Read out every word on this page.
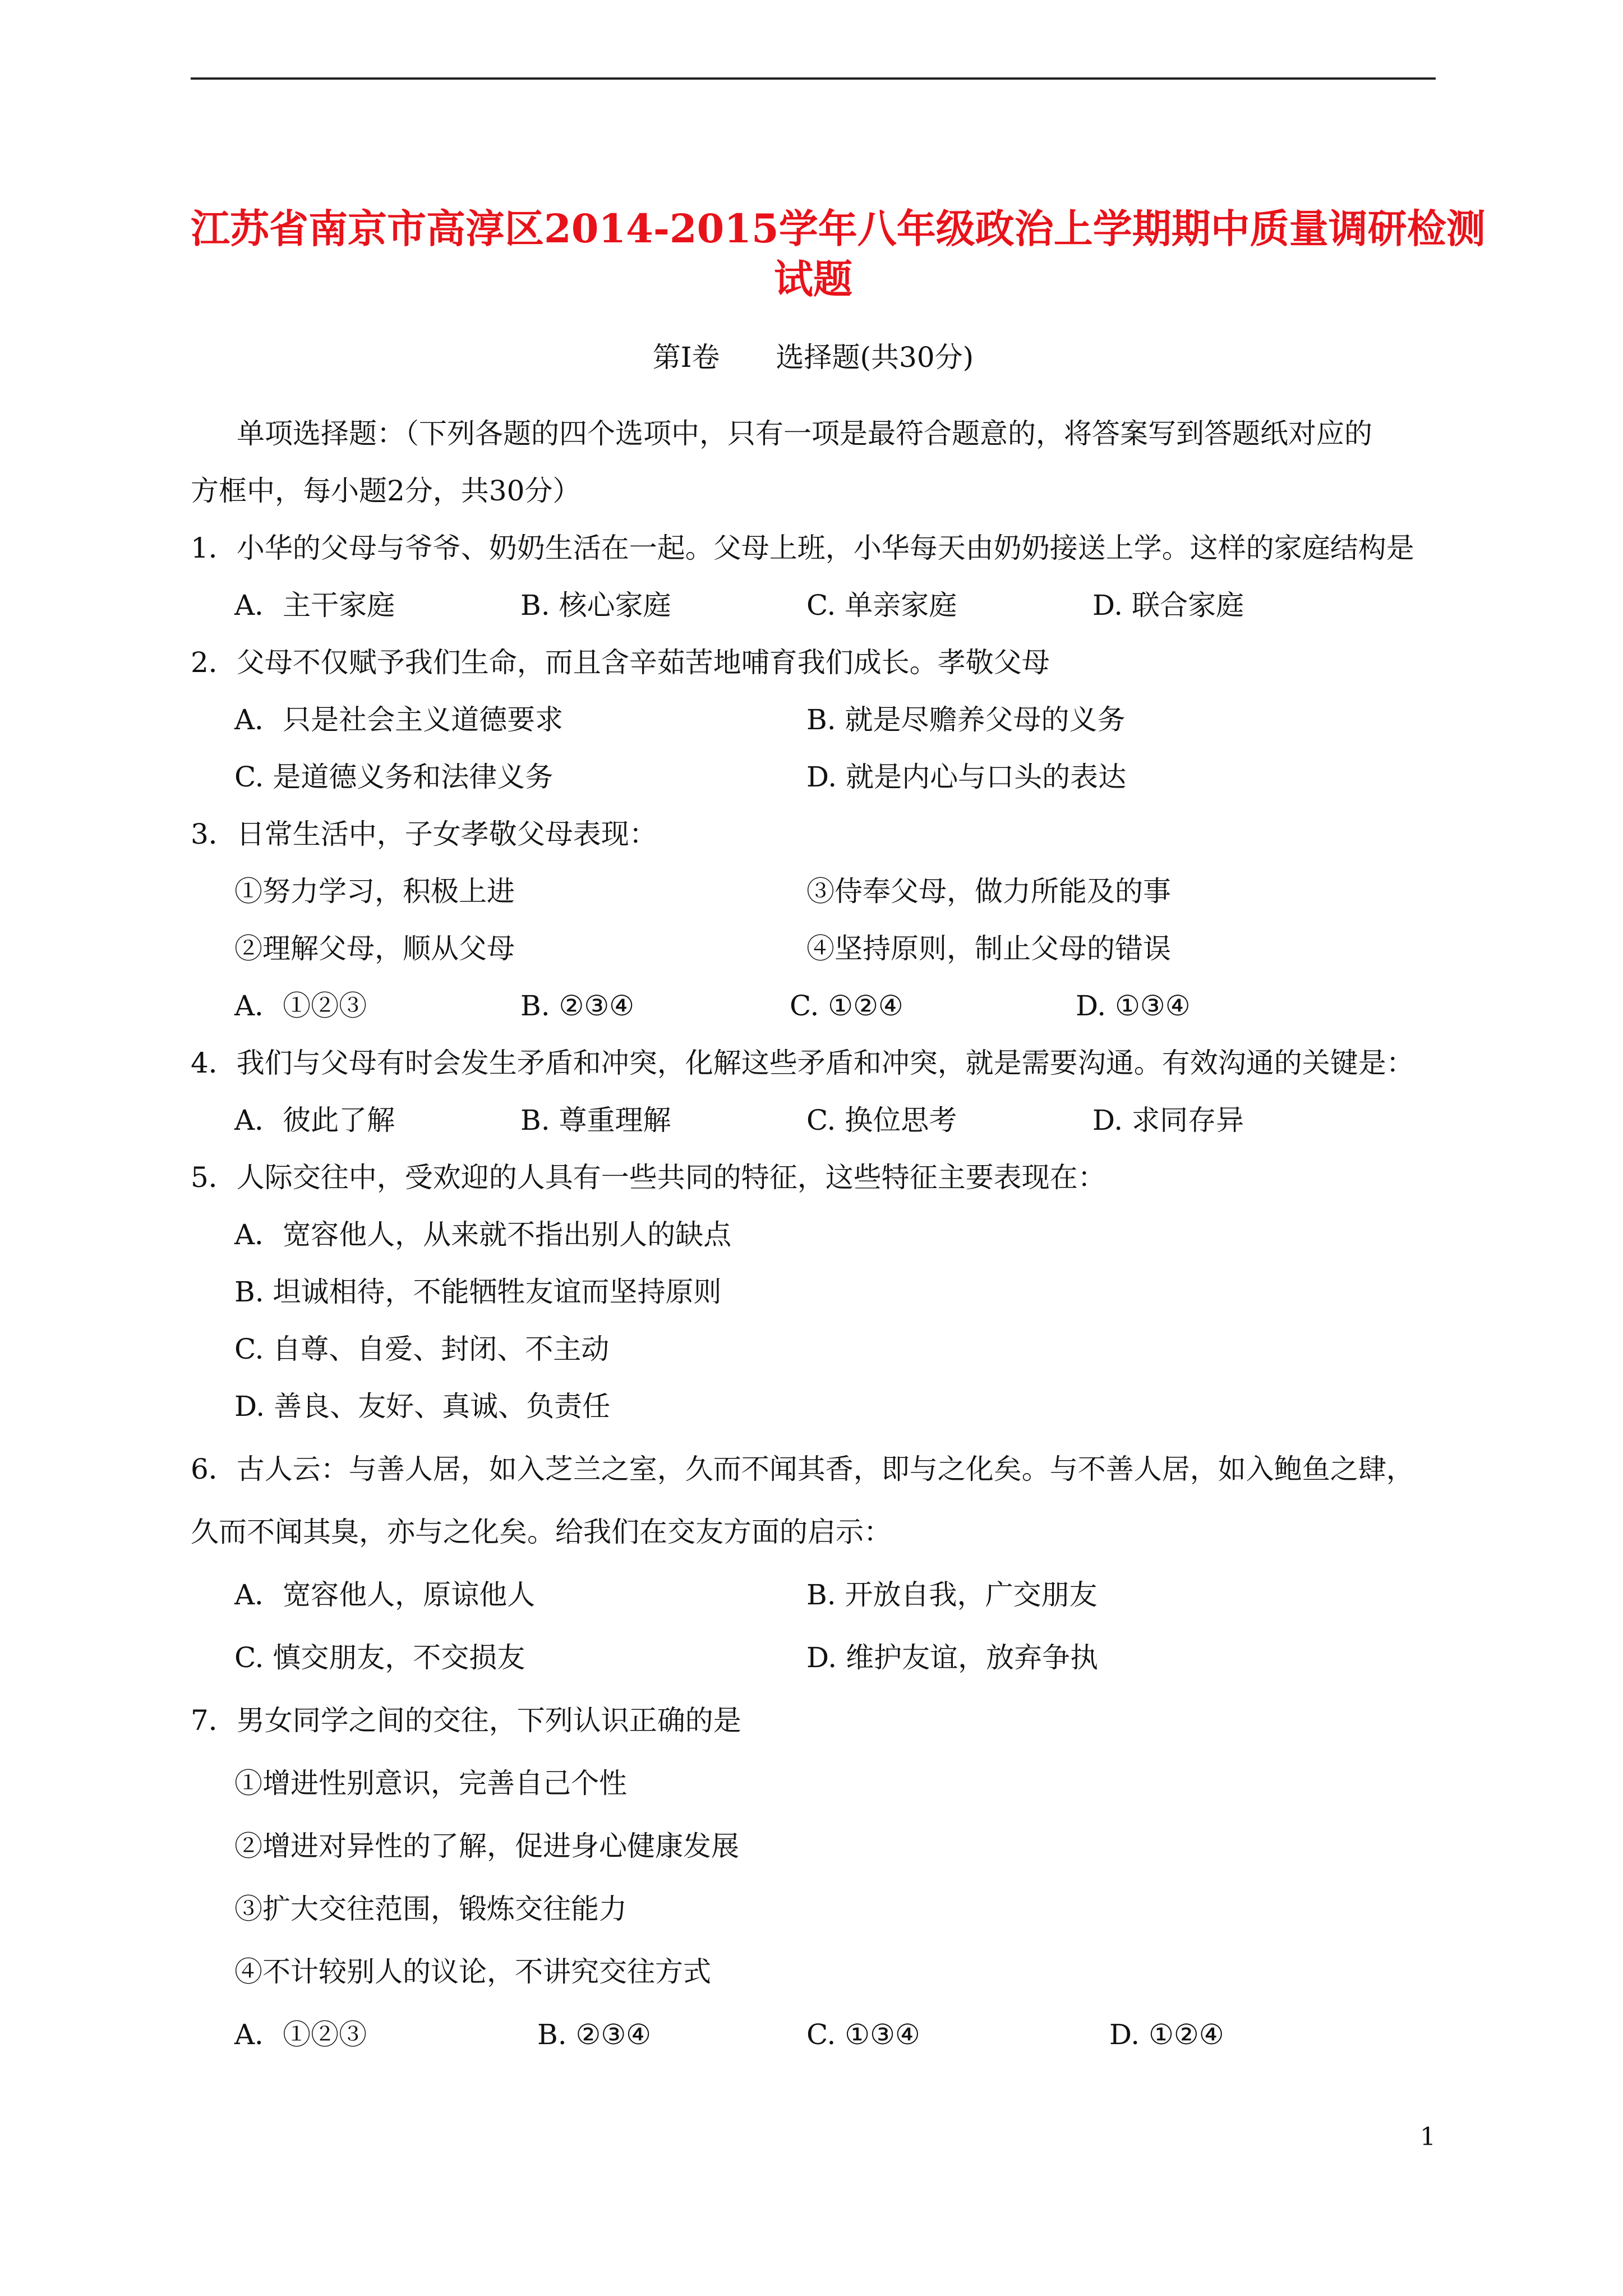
江苏省南京市高淳区2014-2015学年八年级政治上学期期中质量调研检测
试题
第Ⅰ卷　　选择题(共30分)
单项选择题：（下列各题的四个选项中，只有一项是最符合题意的，将答案写到答题纸对应的
方框中，每小题2分，共30分）
1．小华的父母与爷爷、奶奶生活在一起。父母上班，小华每天由奶奶接送上学。这样的家庭结构是
A．主干家庭	B. 核心家庭	C. 单亲家庭	D. 联合家庭
2．父母不仅赋予我们生命，而且含辛茹苦地哺育我们成长。孝敬父母
A．只是社会主义道德要求	B. 就是尽赡养父母的义务
C. 是道德义务和法律义务	D. 就是内心与口头的表达
3．日常生活中，子女孝敬父母表现：
①努力学习，积极上进	③侍奉父母，做力所能及的事
②理解父母，顺从父母	④坚持原则，制止父母的错误
A．①②③	B. ②③④	C. ①②④	D. ①③④
4．我们与父母有时会发生矛盾和冲突，化解这些矛盾和冲突，就是需要沟通。有效沟通的关键是：
A．彼此了解	B. 尊重理解	C. 换位思考	D. 求同存异
5．人际交往中，受欢迎的人具有一些共同的特征，这些特征主要表现在：
A．宽容他人，从来就不指出别人的缺点
B. 坦诚相待，不能牺牲友谊而坚持原则
C. 自尊、自爱、封闭、不主动
D. 善良、友好、真诚、负责任
6．古人云：与善人居，如入芝兰之室，久而不闻其香，即与之化矣。与不善人居，如入鲍鱼之肆，
久而不闻其臭，亦与之化矣。给我们在交友方面的启示：
A．宽容他人，原谅他人	B. 开放自我，广交朋友
C. 慎交朋友，不交损友	D. 维护友谊，放弃争执
7．男女同学之间的交往，下列认识正确的是
①增进性别意识，完善自己个性
②增进对异性的了解，促进身心健康发展
③扩大交往范围，锻炼交往能力
④不计较别人的议论，不讲究交往方式
A．①②③	B. ②③④	C. ①③④	D. ①②④
1
